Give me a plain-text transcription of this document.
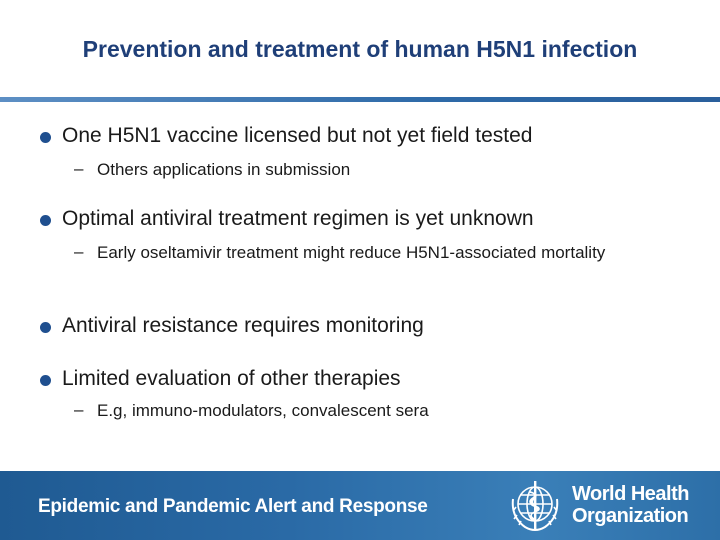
Prevention and treatment of human H5N1 infection
One H5N1 vaccine licensed but not yet field tested
– Others applications in submission
Optimal antiviral treatment regimen is yet unknown
– Early oseltamivir treatment might reduce H5N1-associated mortality
Antiviral resistance requires monitoring
Limited evaluation of other therapies
– E.g, immuno-modulators, convalescent sera
Epidemic and Pandemic Alert and Response
World Health
Organization
